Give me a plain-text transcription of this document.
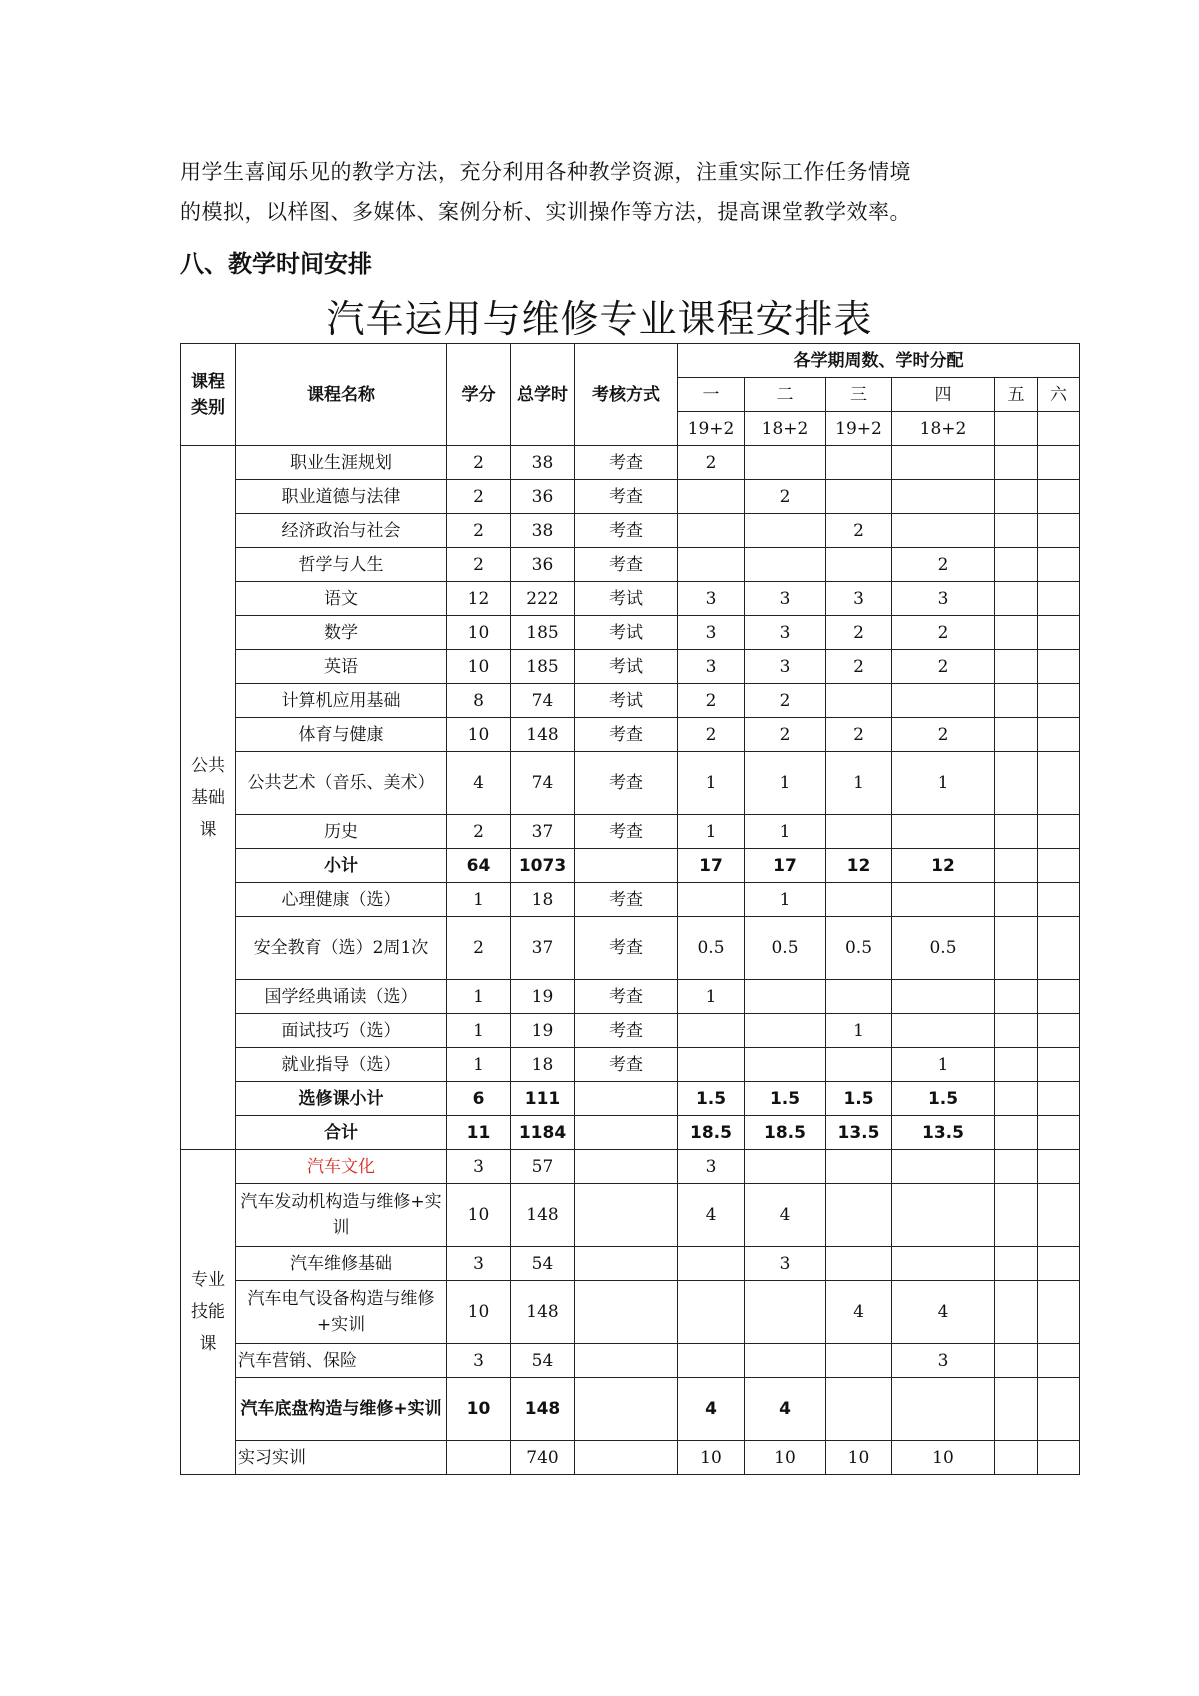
用学生喜闻乐见的教学方法，充分利用各种教学资源，注重实际工作任务情境
的模拟，以样图、多媒体、案例分析、实训操作等方法，提高课堂教学效率。
八、教学时间安排
汽车运用与维修专业课程安排表
课程类别	课程名称	学分	总学时	考核方式	各学期周数、学时分配					
					一	二	三	四	五	六
					19+2	18+2	19+2	18+2		
公共基础课	职业生涯规划	2	38	考查	2					
	职业道德与法律	2	36	考查		2				
	经济政治与社会	2	38	考查			2			
	哲学与人生	2	36	考查				2		
	语文	12	222	考试	3	3	3	3		
	数学	10	185	考试	3	3	2	2		
	英语	10	185	考试	3	3	2	2		
	计算机应用基础	8	74	考试	2	2				
	体育与健康	10	148	考查	2	2	2	2		
	公共艺术（音乐、美术）	4	74	考查	1	1	1	1		
	历史	2	37	考查	1	1				
	小计	64	1073		17	17	12	12		
	心理健康（选）	1	18	考查		1				
	安全教育（选）2周1次	2	37	考查	0.5	0.5	0.5	0.5		
	国学经典诵读（选）	1	19	考查	1					
	面试技巧（选）	1	19	考查			1			
	就业指导（选）	1	18	考查				1		
	选修课小计	6	111		1.5	1.5	1.5	1.5		
	合计	11	1184		18.5	18.5	13.5	13.5		
专业技能课	汽车文化	3	57		3					
	汽车发动机构造与维修+实训	10	148		4	4				
	汽车维修基础	3	54			3				
	汽车电气设备构造与维修+实训	10	148				4	4		
	汽车营销、保险	3	54					3		
	汽车底盘构造与维修+实训	10	148		4	4				
	实习实训		740		10	10	10	10		
